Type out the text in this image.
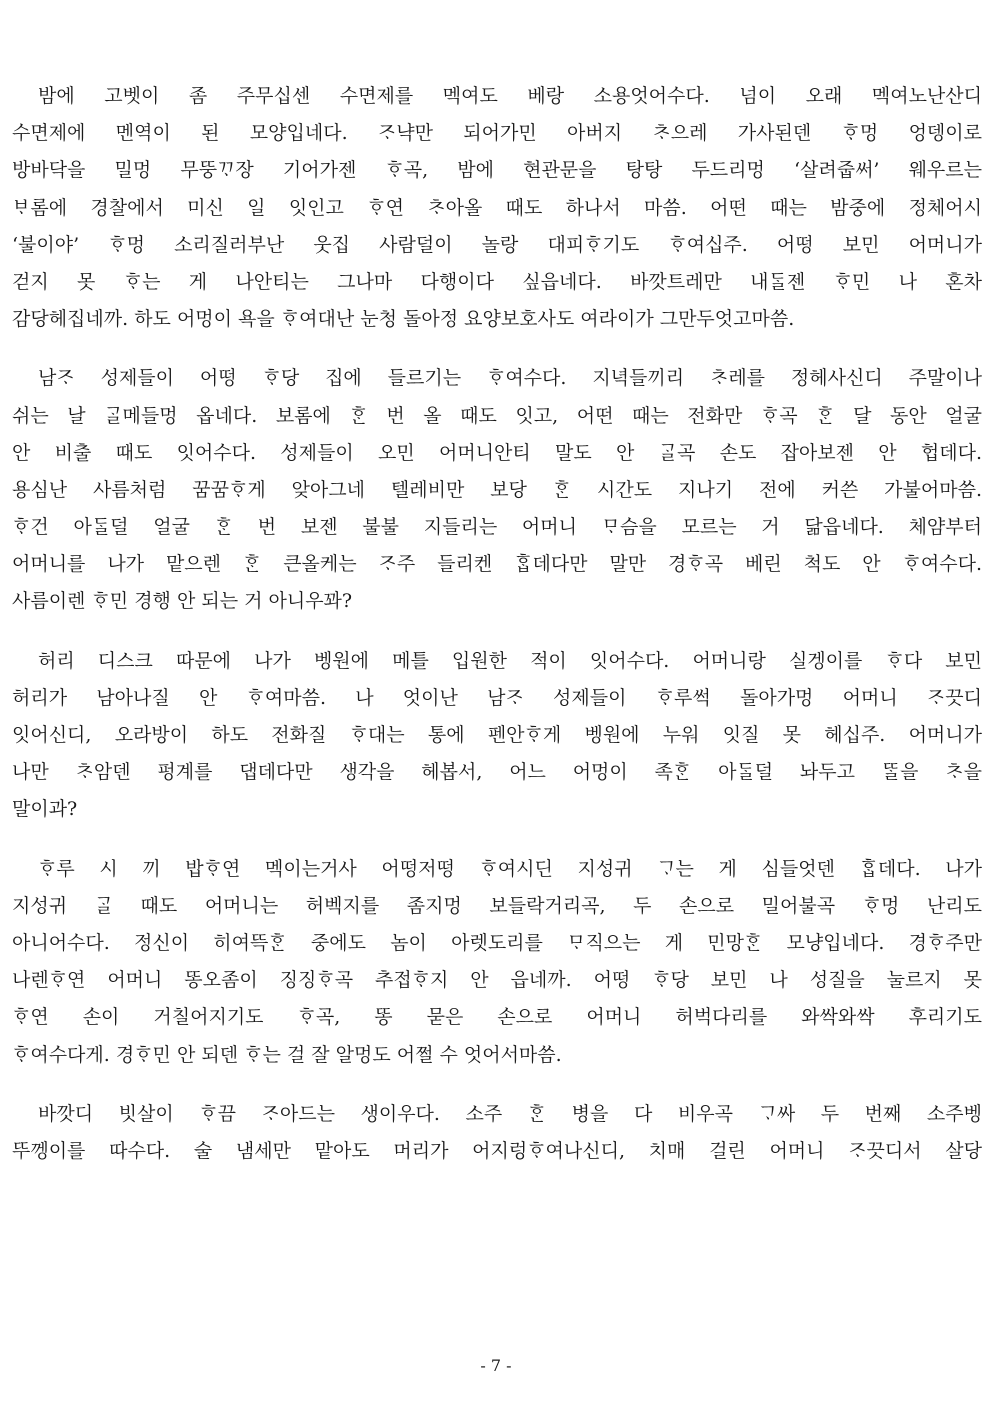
밤에 고벳이 좀 주무십센 수면제를 멕여도 베랑 소용엇어수다. 넘이 오래 멕여노난산디
수면제에 멘역이 된 모양입네다. ᄌᆞ냑만 되어가민 아버지 ᄎᆞ으레 가사된덴 ᄒᆞ멍 엉뎅이로
방바닥을 밀멍 무뚱ᄁᆞ장 기어가젠 ᄒᆞ곡, 밤에 현관문을 탕탕 두드리멍 ‘살려줍써’ 웨우르는
ᄇᆞ롬에 경찰에서 미신 일 잇인고 ᄒᆞ연 ᄎᆞ아올 때도 하나서 마씀. 어떤 때는 밤중에 정체어시
‘불이야’ ᄒᆞ멍 소리질러부난 웃집 사람덜이 놀랑 대피ᄒᆞ기도 ᄒᆞ여십주. 어떵 보민 어머니가
걷지 못 ᄒᆞ는 게 나안티는 그나마 다행이다 싶읍네다. 바깟트레만 내ᄃᆞᆯ젠 ᄒᆞ민 나 혼차
감당헤집네까. 하도 어멍이 욕을 ᄒᆞ여대난 눈청 돌아정 요양보호사도 여라이가 그만두엇고마씀.

남ᄌᆞ 성제들이 어떵 ᄒᆞ당 집에 들르기는 ᄒᆞ여수다. 지녁들끼리 ᄎᆞ레를 정헤사신디 주말이나
쉬는 날 ᄀᆞᆯ메들멍 옵네다. 보롬에 ᄒᆞᆫ 번 올 때도 잇고, 어떤 때는 전화만 ᄒᆞ곡 ᄒᆞᆫ 달 동안 얼굴
안 비출 때도 잇어수다. 성제들이 오민 어머니안티 말도 안 ᄀᆞᆯ곡 손도 잡아보젠 안 헙데다.
용심난 사름처럼 꿈꿈ᄒᆞ게 앚아그네 텔레비만 보당 ᄒᆞᆫ 시간도 지나기 전에 커쓴 가불어마씀.
ᄒᆞ건 아ᄃᆞᆯ덜 얼굴 ᄒᆞᆫ 번 보젠 불불 지들리는 어머니 ᄆᆞ슴을 모르는 거 닮읍네다. 체얌부터
어머니를 나가 맡으렌 ᄒᆞᆫ 큰올케는 ᄌᆞ주 들리켄 ᄒᆞᆸ데다만 말만 경ᄒᆞ곡 베린 척도 안 ᄒᆞ여수다.
사름이렌 ᄒᆞ민 경행 안 되는 거 아니우꽈?

허리 디스크 따문에 나가 벵원에 메틀 입원한 적이 잇어수다. 어머니랑 실겡이를 ᄒᆞ다 보민
허리가 남아나질 안 ᄒᆞ여마씀. 나 엇이난 남ᄌᆞ 성제들이 ᄒᆞ루썩 돌아가멍 어머니 ᄌᆞ끗디
잇어신디, 오라방이 하도 전화질 ᄒᆞ대는 통에 펜안ᄒᆞ게 벵원에 누워 잇질 못 헤십주. 어머니가
나만 ᄎᆞ암덴 펑계를 댑데다만 생각을 헤봅서, 어느 어멍이 족ᄒᆞᆫ 아ᄃᆞᆯ덜 놔두고 ᄄᆞᆯ을 ᄎᆞ을
말이과?

ᄒᆞ루 시 끼 밥ᄒᆞ연 멕이는거사 어떵저떵 ᄒᆞ여시딘 지성귀 ᄀᆞ는 게 심들엇덴 ᄒᆞᆸ데다. 나가
지성귀 ᄀᆞᆯ 때도 어머니는 허벡지를 좀지멍 보들락거리곡, 두 손으로 밀어불곡 ᄒᆞ멍 난리도
아니어수다. 정신이 히여뜩ᄒᆞᆫ 중에도 놈이 아렛도리를 ᄆᆞ직으는 게 민망ᄒᆞᆫ 모냥입네다. 경ᄒᆞ주만
나렌ᄒᆞ연 어머니 똥오좀이 징징ᄒᆞ곡 추접ᄒᆞ지 안 읍네까. 어떵 ᄒᆞ당 보민 나 성질을 눌르지 못
ᄒᆞ연 손이 거칠어지기도 ᄒᆞ곡, 똥 묻은 손으로 어머니 허벅다리를 와싹와싹 후리기도
ᄒᆞ여수다게. 경ᄒᆞ민 안 되덴 ᄒᆞ는 걸 잘 알멍도 어쩔 수 엇어서마씀.

바깟디 빗살이 ᄒᆞ끔 ᄌᆞ아드는 생이우다. 소주 ᄒᆞᆫ 병을 다 비우곡 ᄀᆞ싸 두 번째 소주벵
뚜껭이를 따수다. 술 냄세만 맡아도 머리가 어지렁ᄒᆞ여나신디, 치매 걸린 어머니 ᄌᆞ끗디서 살당

- 7 -
